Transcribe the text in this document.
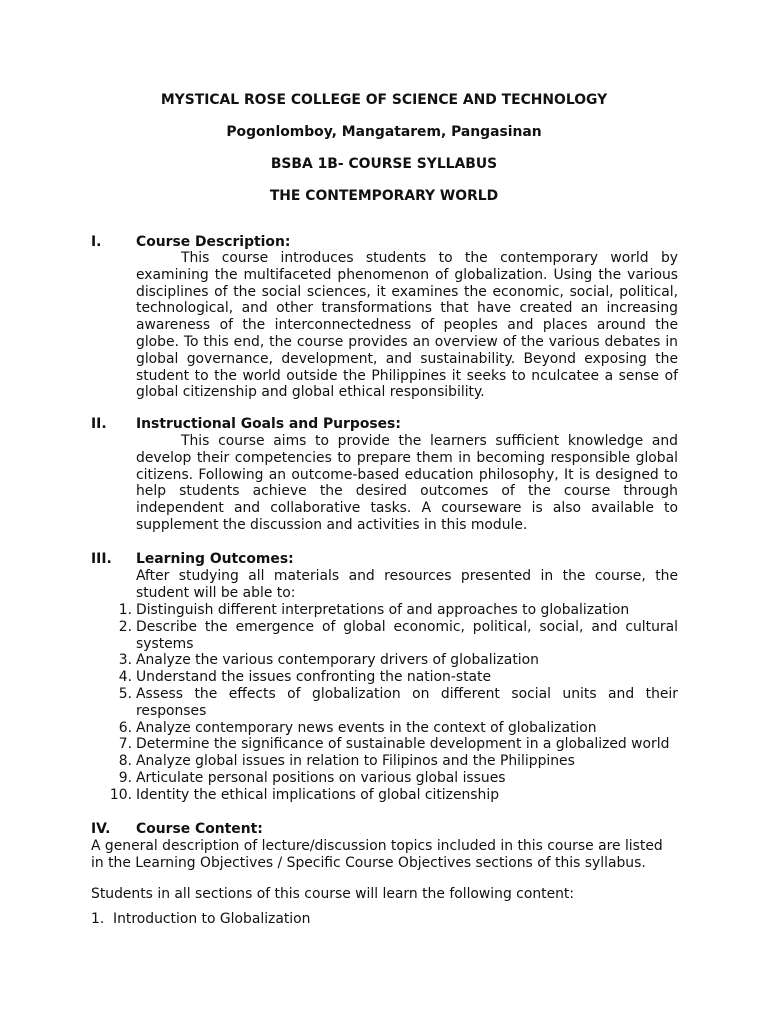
MYSTICAL ROSE COLLEGE OF SCIENCE AND TECHNOLOGY

Pogonlomboy, Mangatarem, Pangasinan

BSBA 1B- COURSE SYLLABUS

THE CONTEMPORARY WORLD

I. Course Description:

This course introduces students to the contemporary world by examining the multifaceted phenomenon of globalization. Using the various disciplines of the social sciences, it examines the economic, social, political, technological, and other transformations that have created an increasing awareness of the interconnectedness of peoples and places around the globe. To this end, the course provides an overview of the various debates in global governance, development, and sustainability. Beyond exposing the student to the world outside the Philippines it seeks to nculcatee a sense of global citizenship and global ethical responsibility.

II. Instructional Goals and Purposes:

This course aims to provide the learners sufficient knowledge and develop their competencies to prepare them in becoming responsible global citizens. Following an outcome-based education philosophy, It is designed to help students achieve the desired outcomes of the course through independent and collaborative tasks. A courseware is also available to supplement the discussion and activities in this module.

III. Learning Outcomes:

After studying all materials and resources presented in the course, the student will be able to:

1. Distinguish different interpretations of and approaches to globalization
2. Describe the emergence of global economic, political, social, and cultural systems
3. Analyze the various contemporary drivers of globalization
4. Understand the issues confronting the nation-state
5. Assess the effects of globalization on different social units and their responses
6. Analyze contemporary news events in the context of globalization
7. Determine the significance of sustainable development in a globalized world
8. Analyze global issues in relation to Filipinos and the Philippines
9. Articulate personal positions on various global issues
10. Identity the ethical implications of global citizenship
IV. Course Content:

A general description of lecture/discussion topics included in this course are listed in the Learning Objectives / Specific Course Objectives sections of this syllabus.

Students in all sections of this course will learn the following content:

1. Introduction to Globalization
